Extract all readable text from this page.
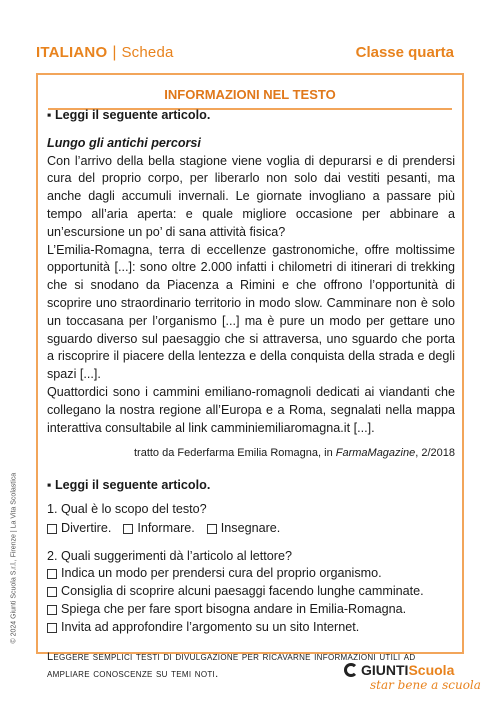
ITALIANO | Scheda	Classe quarta
INFORMAZIONI NEL TESTO

▪ Leggi il seguente articolo.

Lungo gli antichi percorsi

Con l’arrivo della bella stagione viene voglia di depurarsi e di prendersi cura del proprio corpo, per liberarlo non solo dai vestiti pesanti, ma anche dagli accumuli invernali. Le giornate invogliano a passare più tempo all’aria aperta: e quale migliore occasione per abbinare a un’escursione un po’ di sana attività fisica?

L’Emilia-Romagna, terra di eccellenze gastronomiche, offre moltissime opportunità [...]: sono oltre 2.000 infatti i chilometri di itinerari di trekking che si snodano da Piacenza a Rimini e che offrono l’opportunità di scoprire uno straordinario territorio in modo slow. Camminare non è solo un toccasana per l’organismo [...] ma è pure un modo per gettare uno sguardo diverso sul paesaggio che si attraversa, uno sguardo che porta a riscoprire il piacere della lentezza e della conquista della strada e degli spazi [...].

Quattordici sono i cammini emiliano-romagnoli dedicati ai viandanti che collegano la nostra regione all’Europa e a Roma, segnalati nella mappa interattiva consultabile al link camminiemiliaromagna.it [...].

tratto da Federfarma Emilia Romagna, in FarmaMagazine, 2/2018

▪ Leggi il seguente articolo.

1. Qual è lo scopo del testo?
Divertire. Informare. Insegnare.
2. Quali suggerimenti dà l’articolo al lettore?
Indica un modo per prendersi cura del proprio organismo.
Consiglia di scoprire alcuni paesaggi facendo lunghe camminate.
Spiega che per fare sport bisogna andare in Emilia-Romagna.
Invita ad approfondire l’argomento su un sito Internet.
Leggere semplici testi di divulgazione per ricavarne informazioni utili ad ampliare conoscenze su temi noti.
© 2024 Giunti Scuola S.r.l., Firenze | La Vita Scolastica
GIUNTI Scuola
star bene a scuola
